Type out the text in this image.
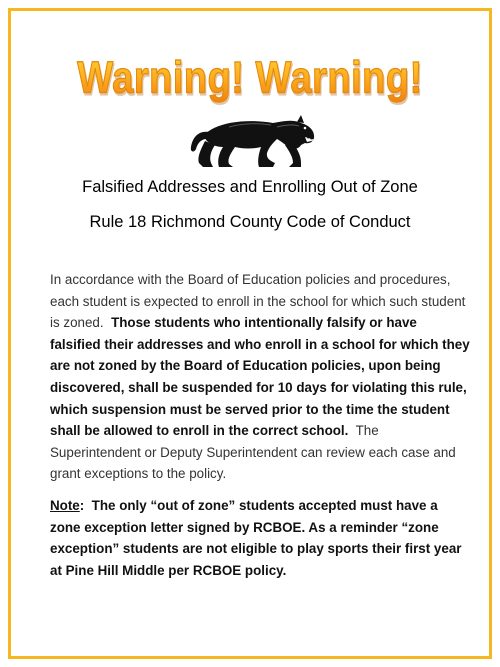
Warning! Warning!
Falsified Addresses and Enrolling Out of Zone
Rule 18 Richmond County Code of Conduct

In accordance with the Board of Education policies and procedures, each student is expected to enroll in the school for which such student is zoned. Those students who intentionally falsify or have falsified their addresses and who enroll in a school for which they are not zoned by the Board of Education policies, upon being discovered, shall be suspended for 10 days for violating this rule, which suspension must be served prior to the time the student shall be allowed to enroll in the correct school. The Superintendent or Deputy Superintendent can review each case and grant exceptions to the policy.

Note:  The only “out of zone” students accepted must have a zone exception letter signed by RCBOE. As a reminder “zone exception” students are not eligible to play sports their first year at Pine Hill Middle per RCBOE policy.
